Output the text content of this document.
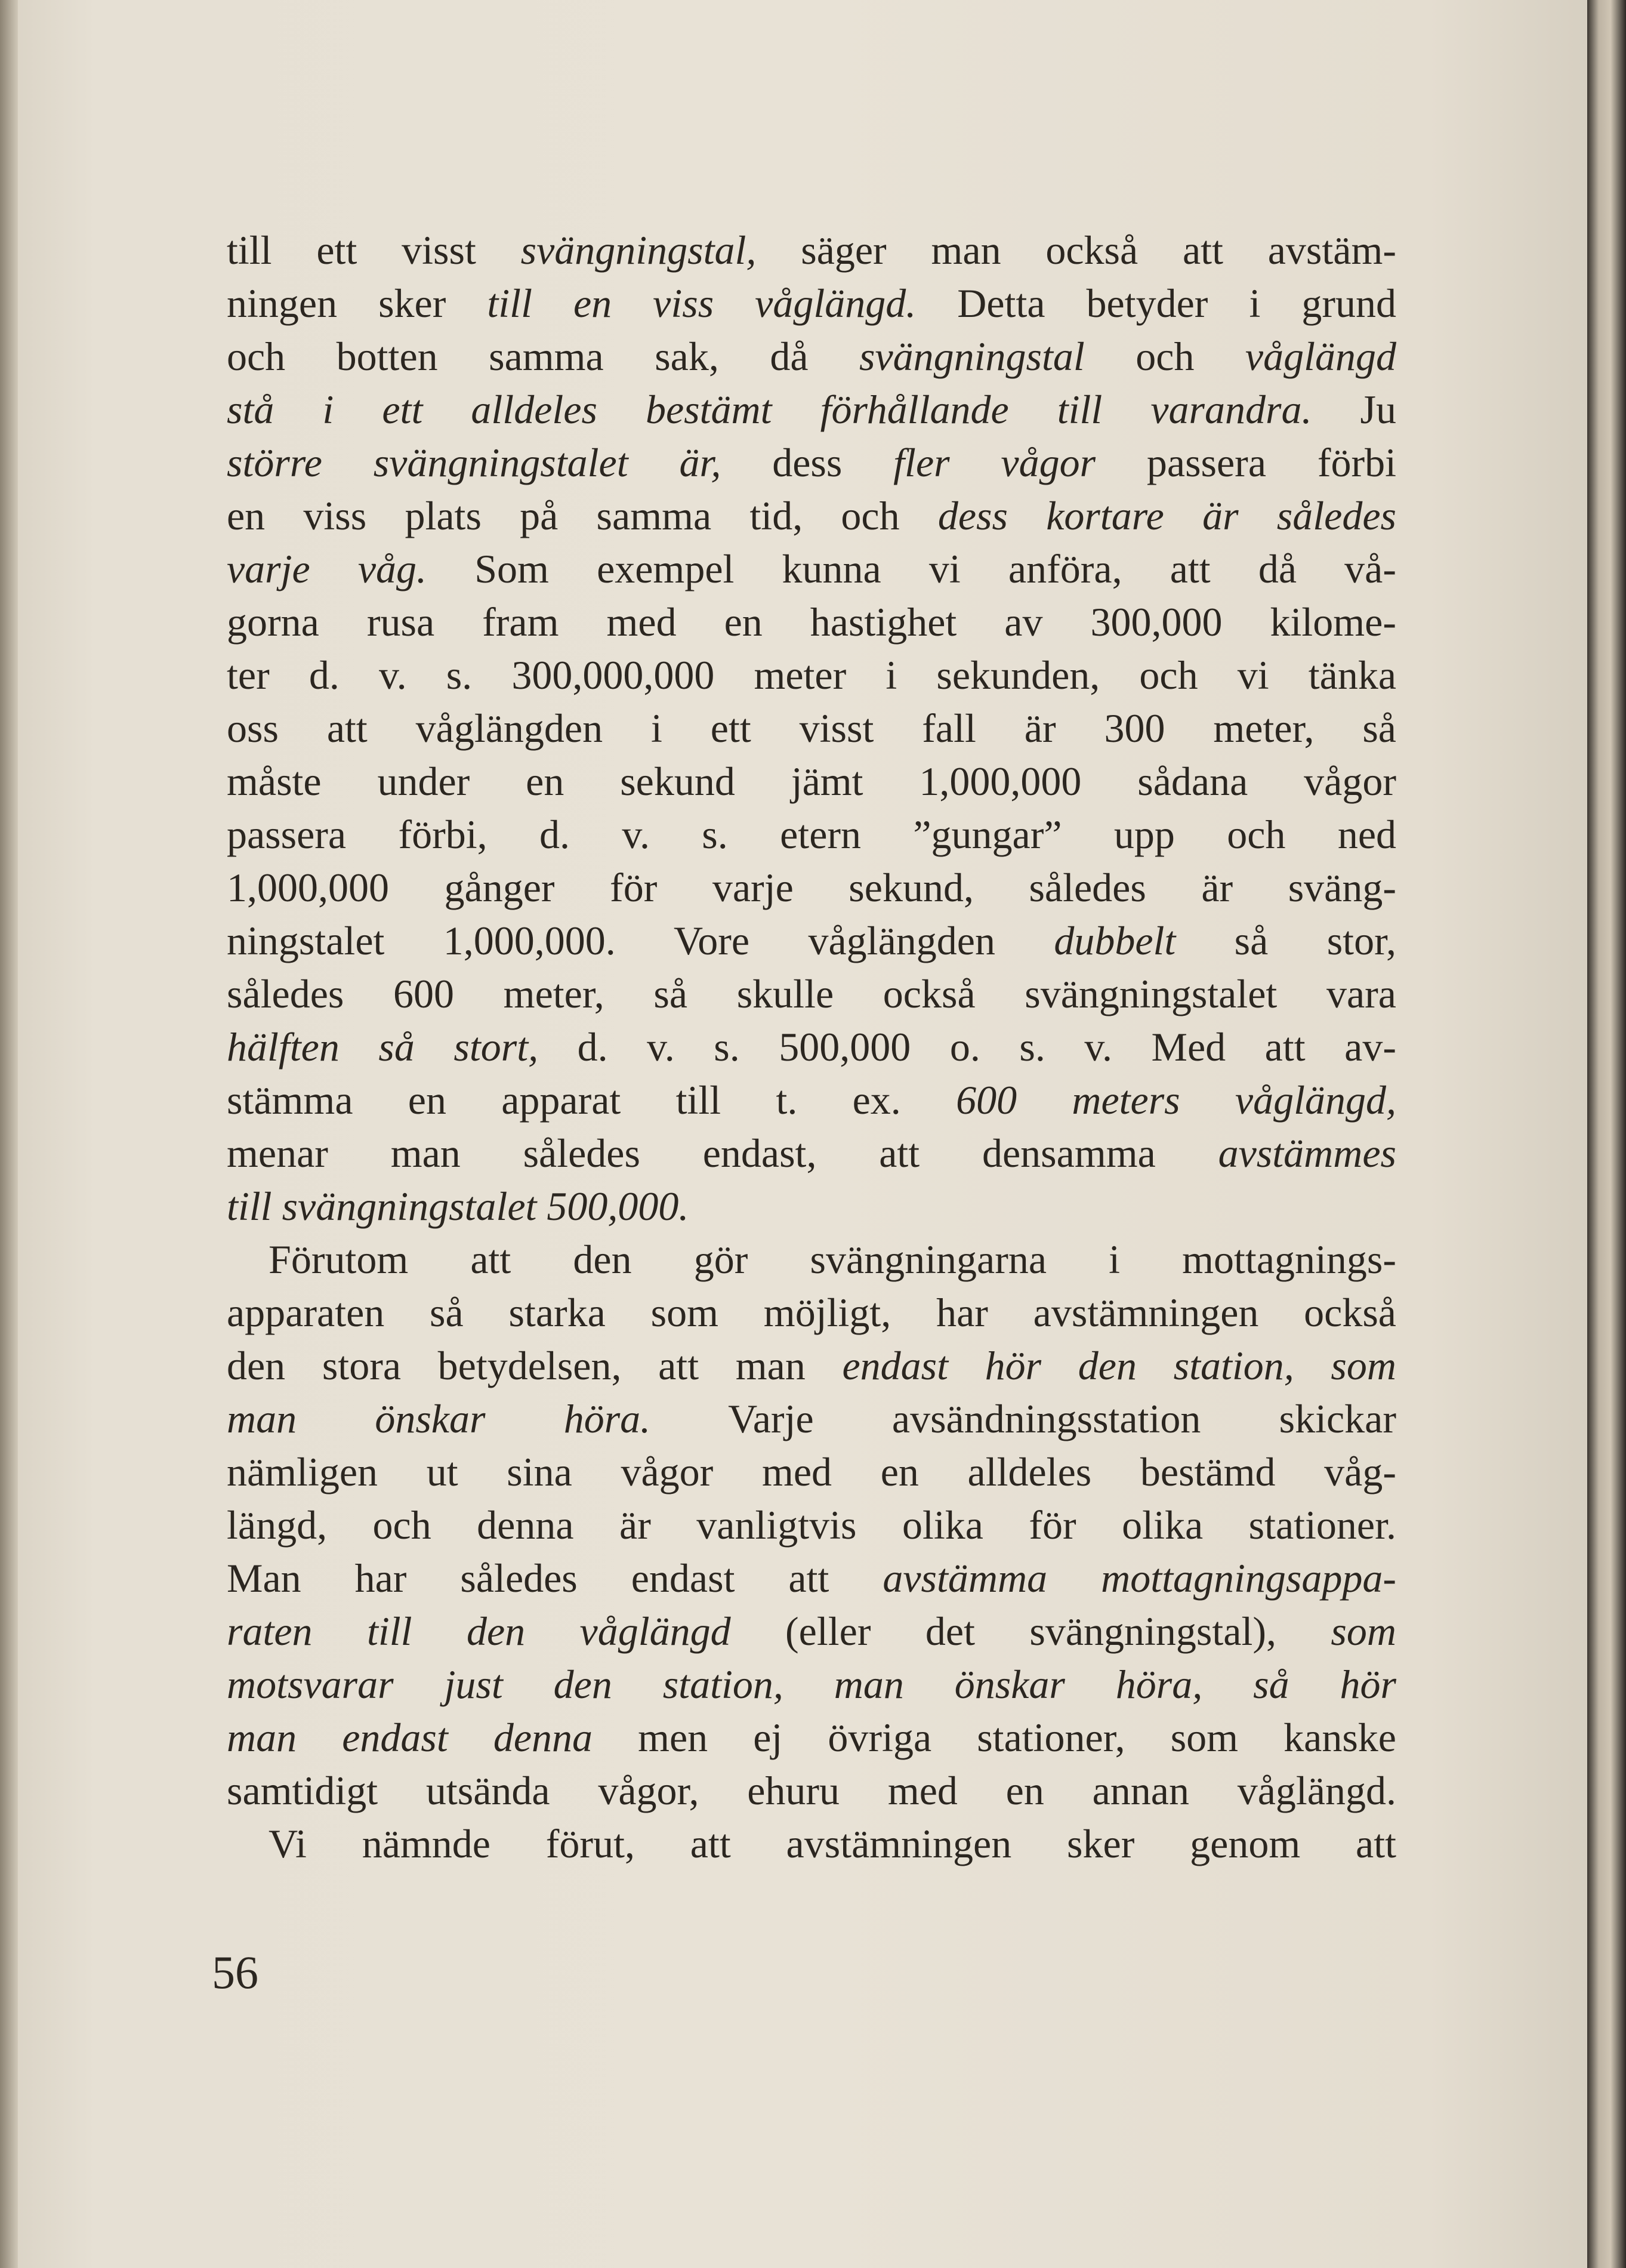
till ett visst svängningstal, säger man också att avstäm-
ningen sker till en viss våglängd. Detta betyder i grund
och botten samma sak, då svängningstal och våglängd
stå i ett alldeles bestämt förhållande till varandra. Ju
större svängningstalet är, dess fler vågor passera förbi
en viss plats på samma tid, och dess kortare är således
varje våg. Som exempel kunna vi anföra, att då vå-
gorna rusa fram med en hastighet av 300,000 kilome-
ter d. v. s. 300,000,000 meter i sekunden, och vi tänka
oss att våglängden i ett visst fall är 300 meter, så
måste under en sekund jämt 1,000,000 sådana vågor
passera förbi, d. v. s. etern ”gungar” upp och ned
1,000,000 gånger för varje sekund, således är sväng-
ningstalet 1,000,000. Vore våglängden dubbelt så stor,
således 600 meter, så skulle också svängningstalet vara
hälften så stort, d. v. s. 500,000 o. s. v. Med att av-
stämma en apparat till t. ex. 600 meters våglängd,
menar man således endast, att densamma avstämmes
till svängningstalet 500,000.
Förutom att den gör svängningarna i mottagnings-
apparaten så starka som möjligt, har avstämningen också
den stora betydelsen, att man endast hör den station, som
man önskar höra. Varje avsändningsstation skickar
nämligen ut sina vågor med en alldeles bestämd våg-
längd, och denna är vanligtvis olika för olika stationer.
Man har således endast att avstämma mottagningsappa-
raten till den våglängd (eller det svängningstal), som
motsvarar just den station, man önskar höra, så hör
man endast denna men ej övriga stationer, som kanske
samtidigt utsända vågor, ehuru med en annan våglängd.
Vi nämnde förut, att avstämningen sker genom att
56
